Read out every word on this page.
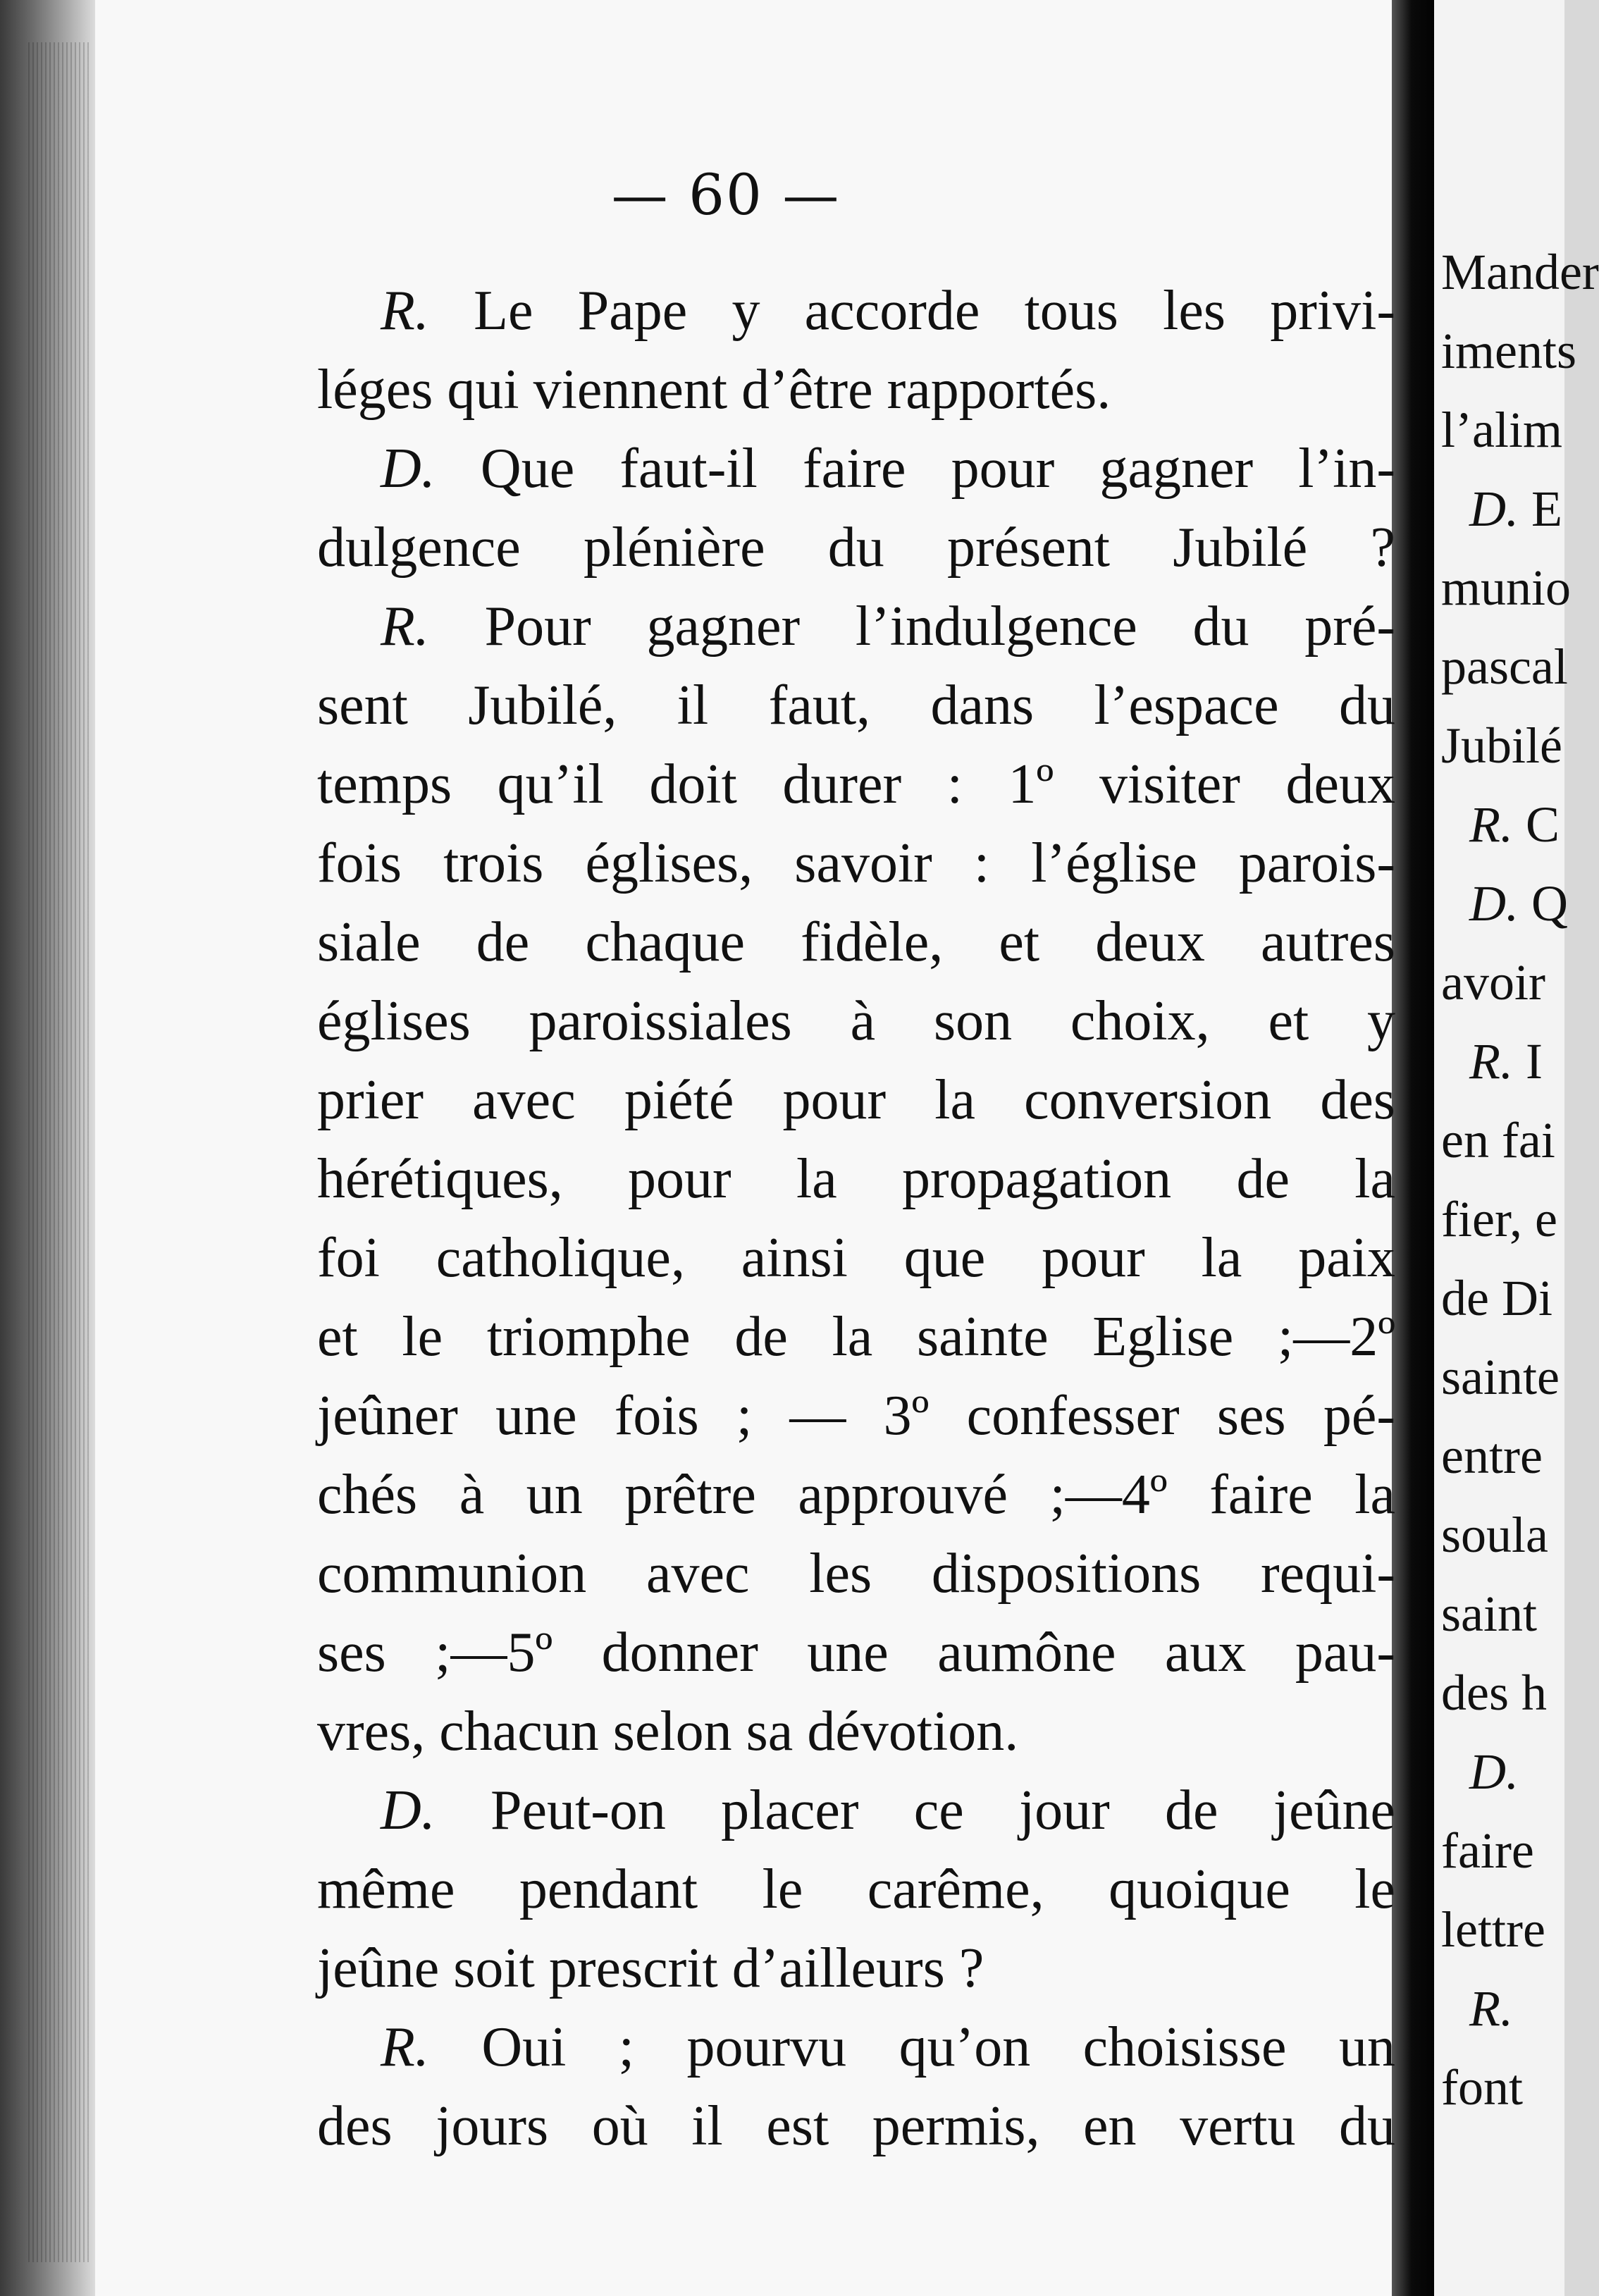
— 60 —
R. Le Pape y accorde tous les privi-
léges qui viennent d’être rapportés.
D. Que faut-il faire pour gagner l’in-
dulgence plénière du présent Jubilé ?
R. Pour gagner l’indulgence du pré-
sent Jubilé, il faut, dans l’espace du
temps qu’il doit durer : 1º visiter deux
fois trois églises, savoir : l’église parois-
siale de chaque fidèle, et deux autres
églises paroissiales à son choix, et y
prier avec piété pour la conversion des
hérétiques, pour la propagation de la
foi catholique, ainsi que pour la paix
et le triomphe de la sainte Eglise ;—2º
jeûner une fois ; — 3º confesser ses pé-
chés à un prêtre approuvé ;—4º faire la
communion avec les dispositions requi-
ses ;—5º donner une aumône aux pau-
vres, chacun selon sa dévotion.
D. Peut-on placer ce jour de jeûne
même pendant le carême, quoique le
jeûne soit prescrit d’ailleurs ?
R. Oui ; pourvu qu’on choisisse un
des jours où il est permis, en vertu du
Mander
iments
l’alim
D. E
munio
pascal
Jubilé
R. C
D. Q
avoir
R. I
en fai
fier, e
de Di
sainte
entre
soula
saint
des h
D.
faire
lettre
R.
font
